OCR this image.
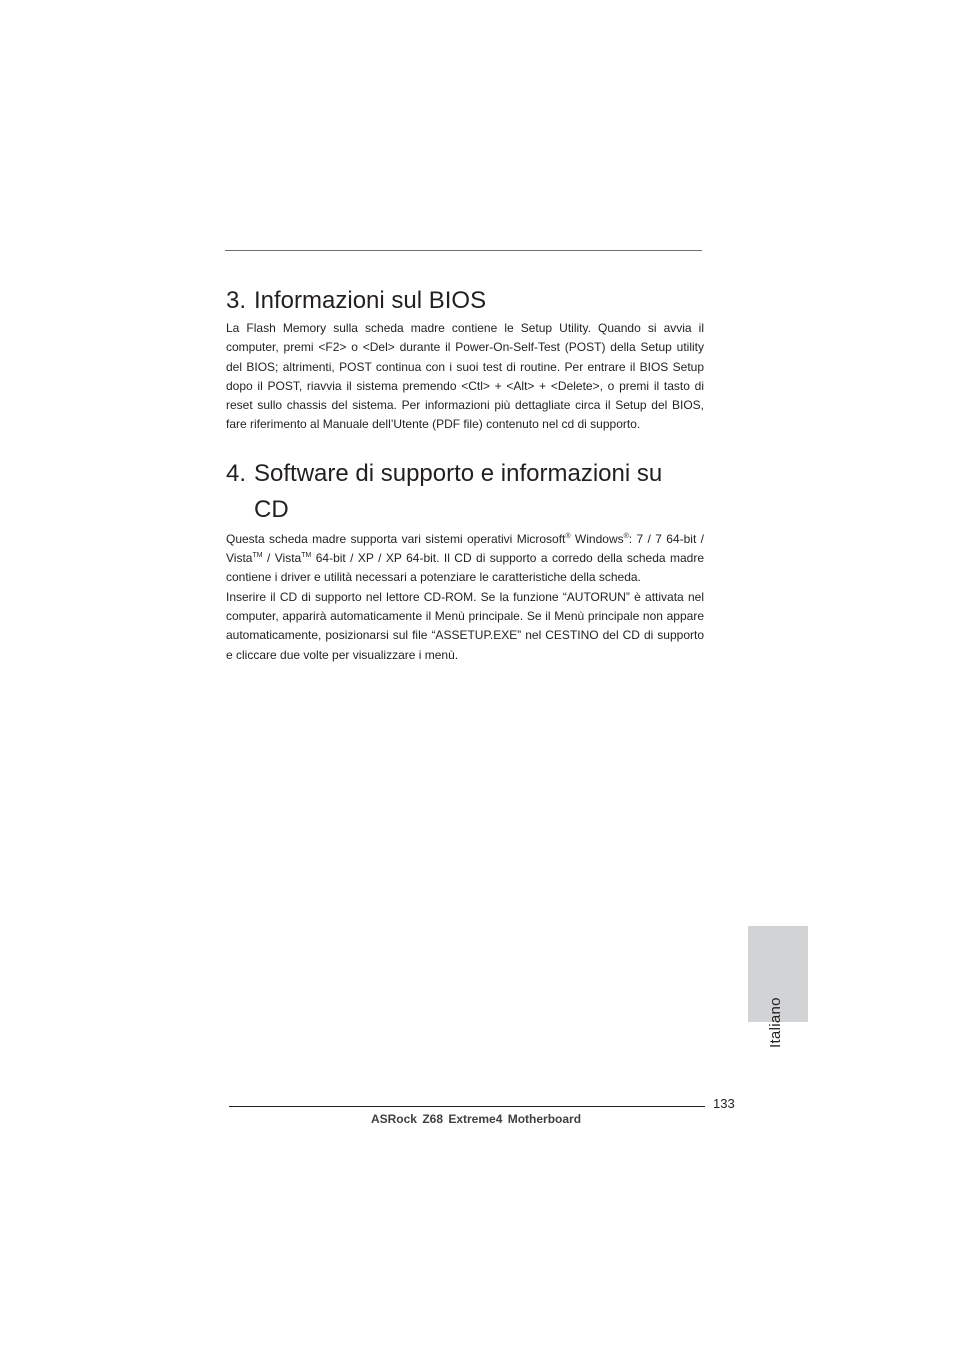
3. Informazioni sul BIOS

La Flash Memory sulla scheda madre contiene le Setup Utility. Quando si avvia il computer, premi <F2> o <Del> durante il Power-On-Self-Test (POST) della Setup utility del BIOS; altrimenti, POST continua con i suoi test di routine. Per entrare il BIOS Setup dopo il POST, riavvia il sistema premendo <Ctl> + <Alt> + <Delete>, o premi il tasto di reset sullo chassis del sistema. Per informazioni più dettagliate circa il Setup del BIOS, fare riferimento al Manuale dell’Utente (PDF file) contenuto nel cd di supporto.

4. Software di supporto e informazioni su
CD

Questa scheda madre supporta vari sistemi operativi Microsoft® Windows®: 7 / 7 64-bit / Vista™ / Vista™ 64-bit / XP / XP 64-bit. Il CD di supporto a corredo della scheda madre contiene i driver e utilità necessari a potenziare le caratteristiche della scheda.

Inserire il CD di supporto nel lettore CD-ROM. Se la funzione “AUTORUN” è attivata nel computer, apparirà automaticamente il Menù principale. Se il Menù principale non appare automaticamente, posizionarsi sul file “ASSETUP.EXE” nel CESTINO del CD di supporto e cliccare due volte per visualizzare i menù.

Italiano
133
ASRock Z68 Extreme4 Motherboard
